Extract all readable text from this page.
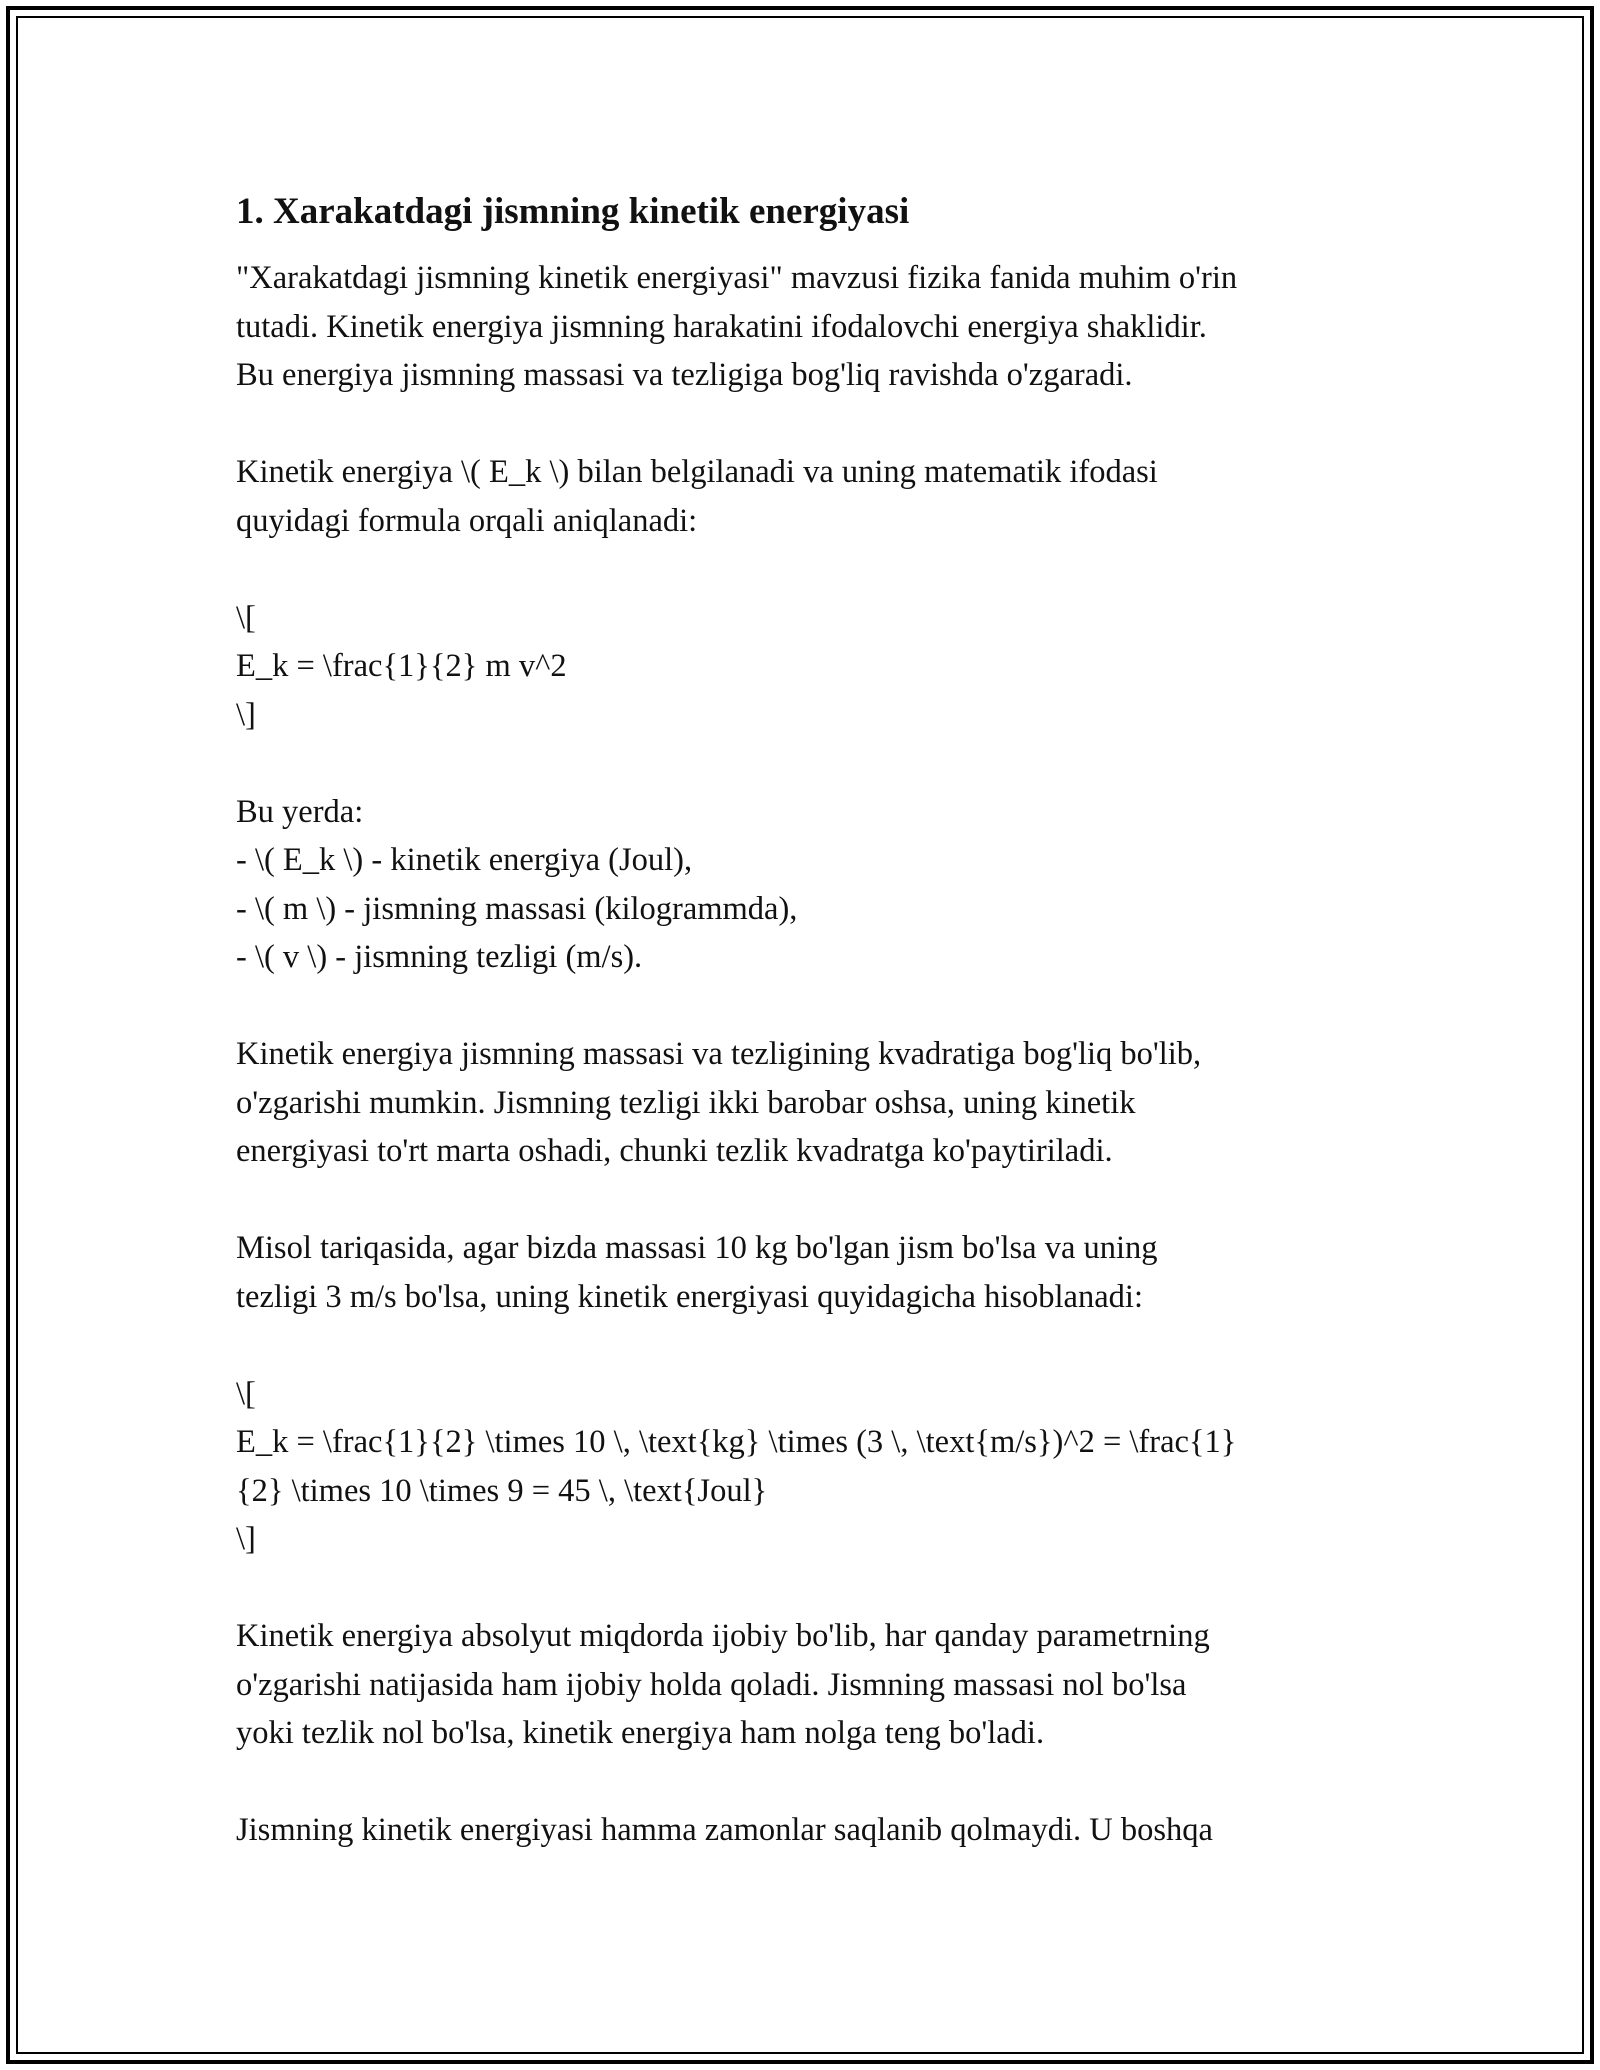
1. Xarakatdagi jismning kinetik energiyasi

"Xarakatdagi jismning kinetik energiyasi" mavzusi fizika fanida muhim o'rin
tutadi. Kinetik energiya jismning harakatini ifodalovchi energiya shaklidir.
Bu energiya jismning massasi va tezligiga bog'liq ravishda o'zgaradi.

Kinetik energiya \( E_k \) bilan belgilanadi va uning matematik ifodasi
quyidagi formula orqali aniqlanadi:

\[
E_k = \frac{1}{2} m v^2
\]

Bu yerda:
- \( E_k \) - kinetik energiya (Joul),
- \( m \) - jismning massasi (kilogrammda),
- \( v \) - jismning tezligi (m/s).

Kinetik energiya jismning massasi va tezligining kvadratiga bog'liq bo'lib,
o'zgarishi mumkin. Jismning tezligi ikki barobar oshsa, uning kinetik
energiyasi to'rt marta oshadi, chunki tezlik kvadratga ko'paytiriladi.

Misol tariqasida, agar bizda massasi 10 kg bo'lgan jism bo'lsa va uning
tezligi 3 m/s bo'lsa, uning kinetik energiyasi quyidagicha hisoblanadi:

\[
E_k = \frac{1}{2} \times 10 \, \text{kg} \times (3 \, \text{m/s})^2 = \frac{1}
{2} \times 10 \times 9 = 45 \, \text{Joul}
\]

Kinetik energiya absolyut miqdorda ijobiy bo'lib, har qanday parametrning
o'zgarishi natijasida ham ijobiy holda qoladi. Jismning massasi nol bo'lsa
yoki tezlik nol bo'lsa, kinetik energiya ham nolga teng bo'ladi.

Jismning kinetik energiyasi hamma zamonlar saqlanib qolmaydi. U boshqa
